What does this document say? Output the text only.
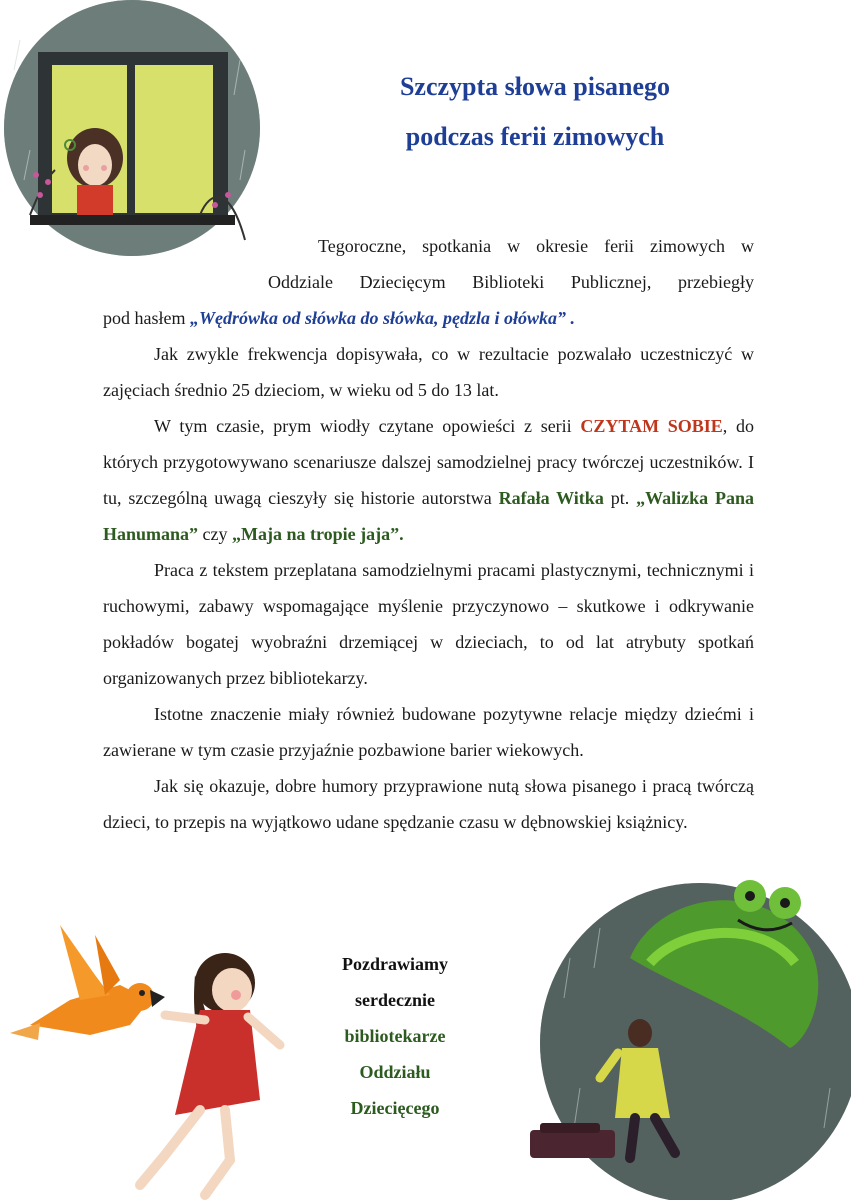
Szczypta słowa pisanego
podczas ferii zimowych

Tegoroczne, spotkania w okresie ferii zimowych w

Oddziale Dziecięcym Biblioteki Publicznej, przebiegły

pod hasłem „Wędrówka od słówka do słówka, pędzla i ołówka” .

Jak zwykle frekwencja dopisywała, co w rezultacie pozwalało uczestniczyć w zajęciach średnio 25 dzieciom, w wieku od 5 do 13 lat.

W tym czasie, prym wiodły czytane opowieści z serii CZYTAM SOBIE, do których przygotowywano scenariusze dalszej samodzielnej pracy twórczej uczestników. I tu, szczególną uwagą cieszyły się historie autorstwa Rafała Witka pt. „Walizka Pana Hanumana” czy „Maja na tropie jaja”.

Praca z tekstem przeplatana samodzielnymi pracami plastycznymi, technicznymi i ruchowymi, zabawy wspomagające myślenie przyczynowo – skutkowe i odkrywanie pokładów bogatej wyobraźni drzemiącej w dzieciach, to od lat atrybuty spotkań organizowanych przez bibliotekarzy.

Istotne znaczenie miały również budowane pozytywne relacje między dziećmi i zawierane w tym czasie przyjaźnie pozbawione barier wiekowych.

Jak się okazuje, dobre humory przyprawione nutą słowa pisanego i pracą twórczą dzieci, to przepis na wyjątkowo udane spędzanie czasu w dębnowskiej książnicy.

Pozdrawiamy

serdecznie

bibliotekarze

Oddziału

Dziecięcego
